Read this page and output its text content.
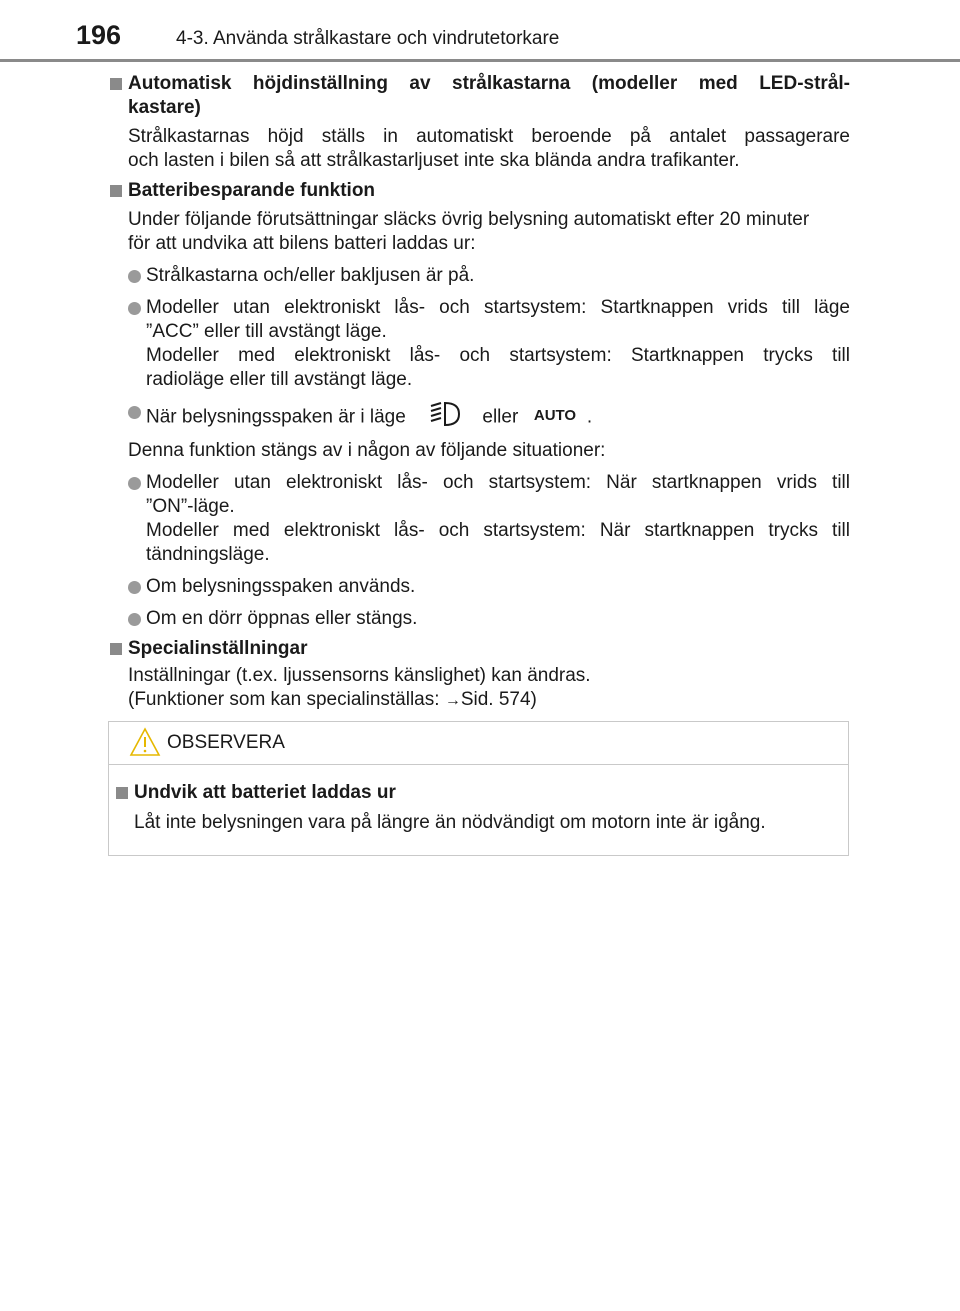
196	4-3. Använda strålkastare och vindrutetorkare
Automatisk höjdinställning av strålkastarna (modeller med LED-strål-
kastare)
Strålkastarnas höjd ställs in automatiskt beroende på antalet passagerare
och lasten i bilen så att strålkastarljuset inte ska blända andra trafikanter.
Batteribesparande funktion
Under följande förutsättningar släcks övrig belysning automatiskt efter 20 minuter
för att undvika att bilens batteri laddas ur:
Strålkastarna och/eller bakljusen är på.
Modeller utan elektroniskt lås- och startsystem: Startknappen vrids till läge
”ACC” eller till avstängt läge.
Modeller med elektroniskt lås- och startsystem: Startknappen trycks till
radioläge eller till avstängt läge.
När belysningsspaken är i läge	eller AUTO .
Denna funktion stängs av i någon av följande situationer:
Modeller utan elektroniskt lås- och startsystem: När startknappen vrids till
”ON”-läge.
Modeller med elektroniskt lås- och startsystem: När startknappen trycks till
tändningsläge.
Om belysningsspaken används.
Om en dörr öppnas eller stängs.
Specialinställningar
Inställningar (t.ex. ljussensorns känslighet) kan ändras.
(Funktioner som kan specialinställas: →Sid. 574)
OBSERVERA
Undvik att batteriet laddas ur
Låt inte belysningen vara på längre än nödvändigt om motorn inte är igång.
